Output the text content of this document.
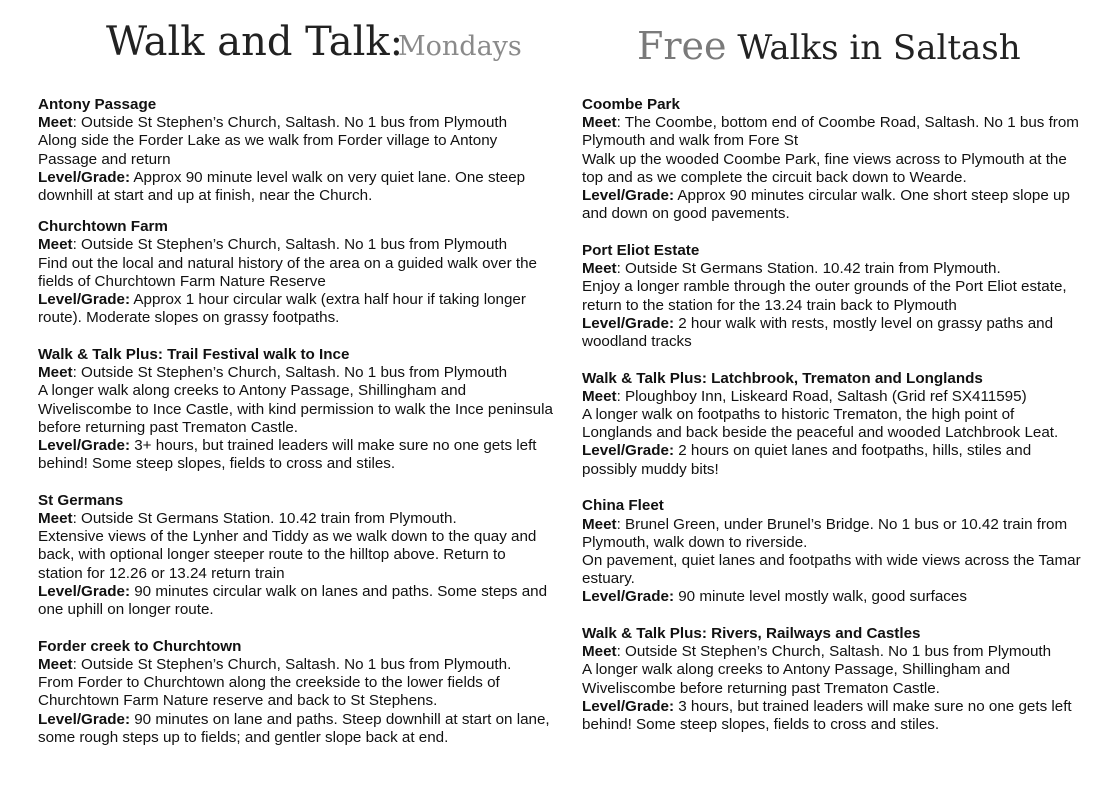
Walk and Talk:
Mondays	Free Walks in Saltash
Antony Passage

Meet: Outside St Stephen’s Church, Saltash. No 1 bus from Plymouth

Along side the Forder Lake as we walk from Forder village to Antony Passage and return

Level/Grade: Approx 90 minute level walk on very quiet lane. One steep downhill at start and up at finish, near the Church.

Churchtown Farm

Meet: Outside St Stephen’s Church, Saltash. No 1 bus from Plymouth

Find out the local and natural history of the area on a guided walk over the fields of Churchtown Farm Nature Reserve

Level/Grade: Approx 1 hour circular walk (extra half hour if taking longer route). Moderate slopes on grassy footpaths.

Walk & Talk Plus: Trail Festival walk to Ince

Meet: Outside St Stephen’s Church, Saltash. No 1 bus from Plymouth

A longer walk along creeks to Antony Passage, Shillingham and Wiveliscombe to Ince Castle, with kind permission to walk the Ince peninsula before returning past Trematon Castle.

Level/Grade: 3+ hours, but trained leaders will make sure no one gets left behind! Some steep slopes, fields to cross and stiles.

St Germans

Meet: Outside St Germans Station. 10.42 train from Plymouth.

Extensive views of the Lynher and Tiddy as we walk down to the quay and back, with optional longer steeper route to the hilltop above. Return to station for 12.26 or 13.24 return train

Level/Grade: 90 minutes circular walk on lanes and paths. Some steps and one uphill on longer route.

Forder creek to Churchtown

Meet: Outside St Stephen’s Church, Saltash. No 1 bus from Plymouth.

From Forder to Churchtown along the creekside to the lower fields of Churchtown Farm Nature reserve and back to St Stephens.

Level/Grade: 90 minutes on lane and paths. Steep downhill at start on lane, some rough steps up to fields; and gentler slope back at end.

Coombe Park

Meet: The Coombe, bottom end of Coombe Road, Saltash. No 1 bus from Plymouth and walk from Fore St

Walk up the wooded Coombe Park, fine views across to Plymouth at the top and as we complete the circuit back down to Wearde.

Level/Grade: Approx 90 minutes circular walk. One short steep slope up and down on good pavements.

Port Eliot Estate

Meet: Outside St Germans Station. 10.42 train from Plymouth.

Enjoy a longer ramble through the outer grounds of the Port Eliot estate, return to the station for the 13.24 train back to Plymouth

Level/Grade: 2 hour walk with rests, mostly level on grassy paths and woodland tracks

Walk & Talk Plus: Latchbrook, Trematon and Longlands

Meet: Ploughboy Inn, Liskeard Road, Saltash (Grid ref SX411595)

A longer walk on footpaths to historic Trematon, the high point of Longlands and back beside the peaceful and wooded Latchbrook Leat.

Level/Grade: 2 hours on quiet lanes and footpaths, hills, stiles and possibly muddy bits!

China Fleet

Meet: Brunel Green, under Brunel’s Bridge. No 1 bus or 10.42 train from Plymouth, walk down to riverside.

On pavement, quiet lanes and footpaths with wide views across the Tamar estuary.

Level/Grade: 90 minute level mostly walk, good surfaces

Walk & Talk Plus: Rivers, Railways and Castles

Meet: Outside St Stephen’s Church, Saltash. No 1 bus from Plymouth

A longer walk along creeks to Antony Passage, Shillingham and Wiveliscombe before returning past Trematon Castle.

Level/Grade: 3 hours, but trained leaders will make sure no one gets left behind! Some steep slopes, fields to cross and stiles.
